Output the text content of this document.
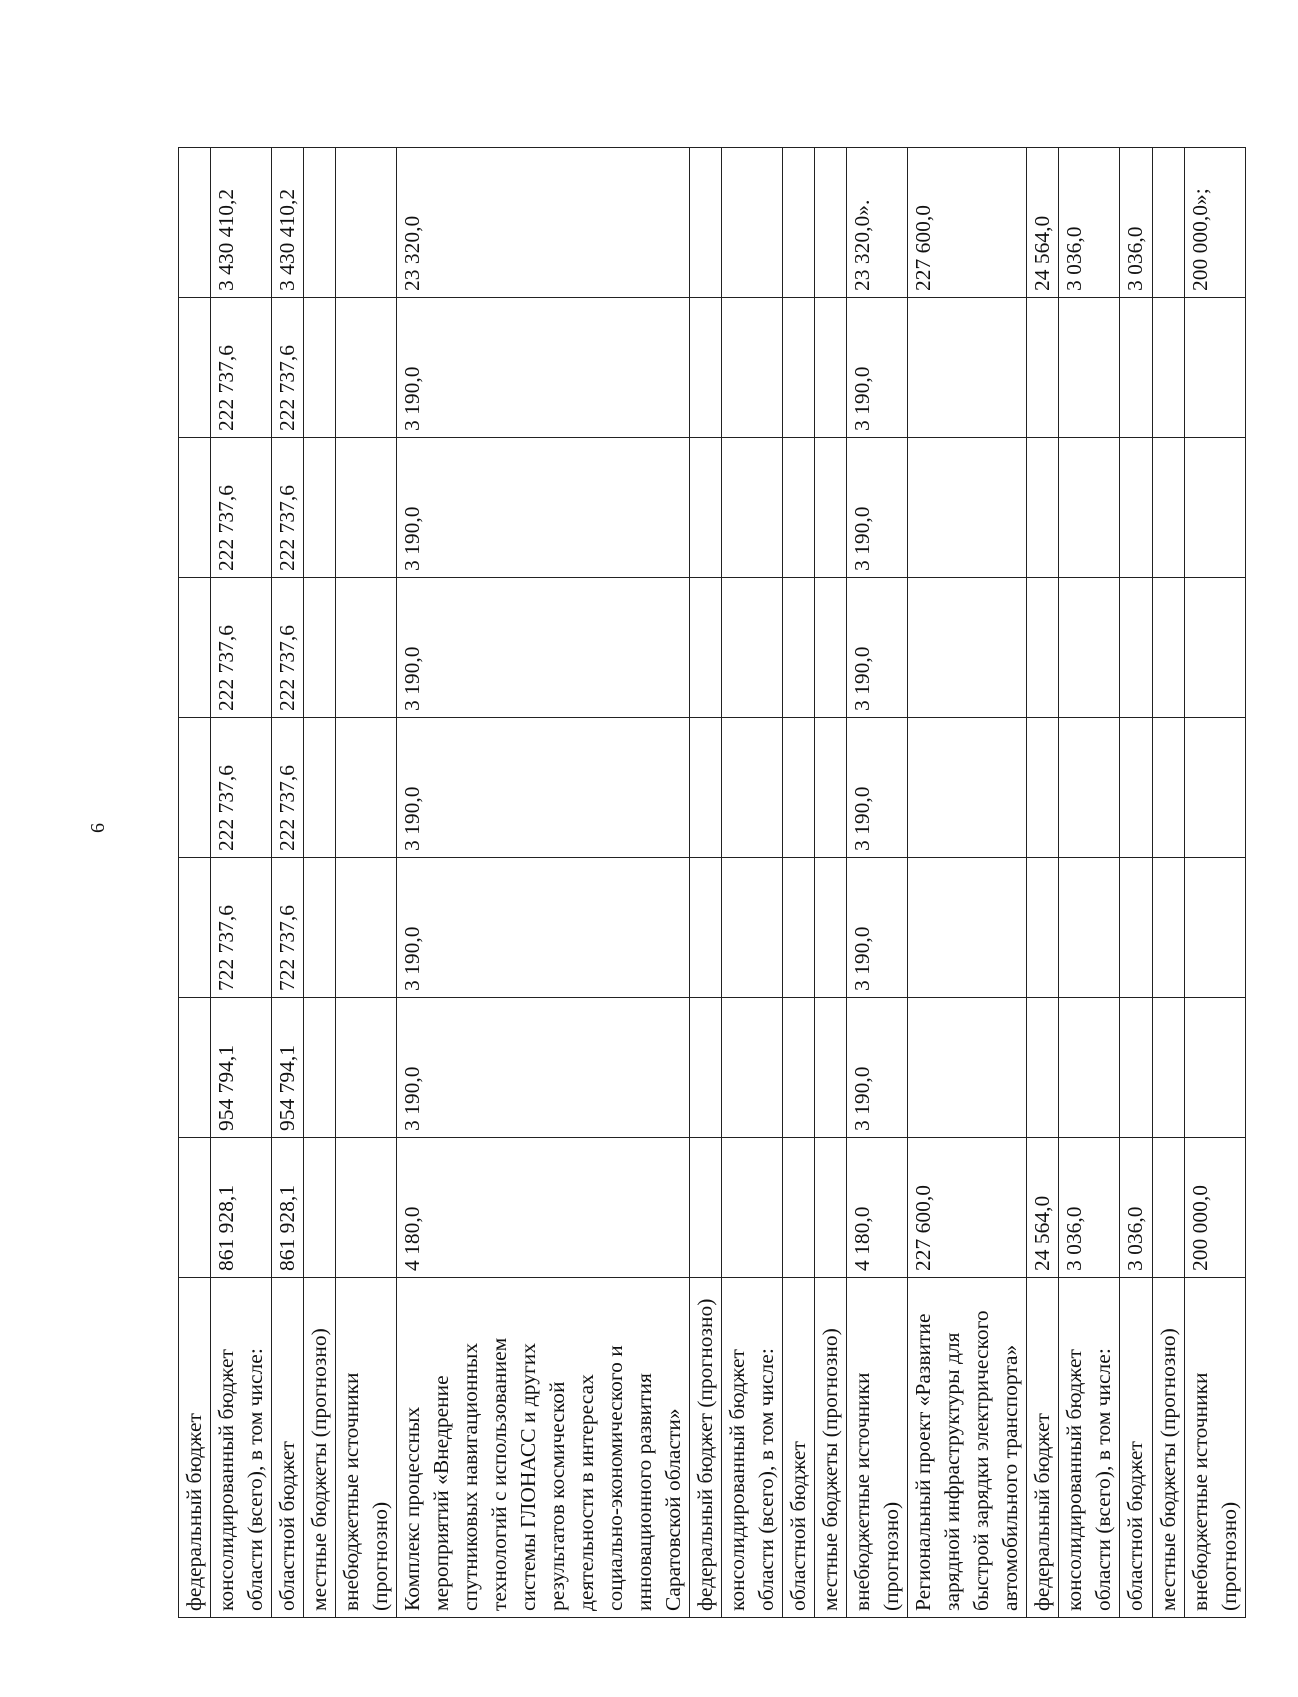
6
федеральный бюджет								
консолидированный бюджет области (всего), в том числе:	861 928,1	954 794,1	722 737,6	222 737,6	222 737,6	222 737,6	222 737,6	3 430 410,2
областной бюджет	861 928,1	954 794,1	722 737,6	222 737,6	222 737,6	222 737,6	222 737,6	3 430 410,2
местные бюджеты (прогнозно)								
внебюджетные источники (прогнозно)								
Комплекс процессных мероприятий «Внедрение спутниковых навигационных технологий с использованием системы ГЛОНАСС и других результатов космической деятельности в интересах социально-экономического и инновационного развития Саратовской области»	4 180,0	3 190,0	3 190,0	3 190,0	3 190,0	3 190,0	3 190,0	23 320,0
федеральный бюджет (прогнозно)								
консолидированный бюджет области (всего), в том числе:								
областной бюджет								
местные бюджеты (прогнозно)								
внебюджетные источники (прогнозно)	4 180,0	3 190,0	3 190,0	3 190,0	3 190,0	3 190,0	3 190,0	23 320,0».
Региональный проект «Развитие зарядной инфраструктуры для быстрой зарядки электрического автомобильного транспорта»	227 600,0							227 600,0
федеральный бюджет	24 564,0							24 564,0
консолидированный бюджет области (всего), в том числе:	3 036,0							3 036,0
областной бюджет	3 036,0							3 036,0
местные бюджеты (прогнозно)								
внебюджетные источники (прогнозно)	200 000,0							200 000,0»;
